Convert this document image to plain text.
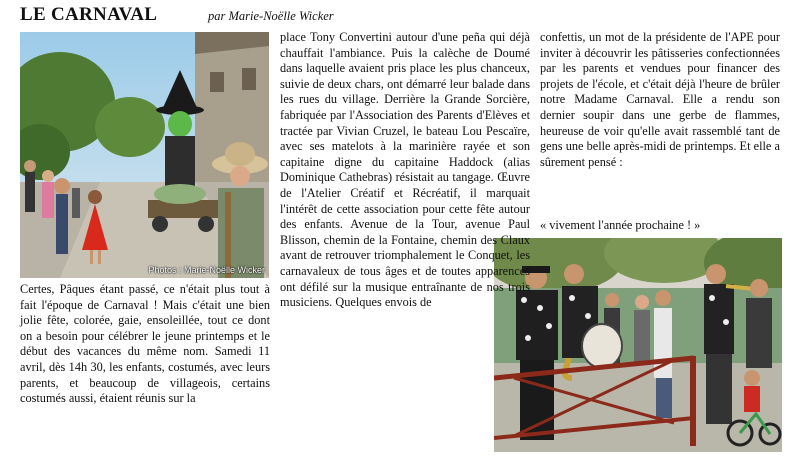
LE CARNAVAL	par Marie-Noëlle Wicker
Photos : Marie-Noëlle Wicker

Certes, Pâques étant passé, ce n'était plus tout à fait l'époque de Carnaval ! Mais c'était une bien jolie fête, colorée, gaie, ensoleillée, tout ce dont on a besoin pour célébrer le jeune printemps et le début des vacances du même nom. Samedi 11 avril, dès 14h 30, les enfants, costumés, avec leurs parents, et beaucoup de villageois, certains costumés aussi, étaient réunis sur la

place Tony Convertini autour d'une peña qui déjà chauffait l'ambiance. Puis la calèche de Doumé dans laquelle avaient pris place les plus chanceux, suivie de deux chars, ont démarré leur balade dans les rues du village. Derrière la Grande Sorcière, fabriquée par l'Association des Parents d'Elèves et tractée par Vivian Cruzel, le bateau Lou Pescaïre, avec ses matelots à la marinière rayée et son capitaine digne du capitaine Haddock (alias Dominique Cathebras) résistait au tangage. Œuvre de l'Atelier Créatif et Récréatif, il marquait l'intérêt de cette association pour cette fête autour des enfants. Avenue de la Tour, avenue Paul Blisson, chemin de la Fontaine, chemin des Claux avant de retrouver triomphalement le Conquet, les carnavaleux de tous âges et de toutes apparences ont défilé sur la musique entraînante de nos trois musiciens. Quelques envois de

confettis, un mot de la présidente de l'APE pour inviter à découvrir les pâtisseries confectionnées par les parents et vendues pour financer des projets de l'école, et c'était déjà l'heure de brûler notre Madame Carnaval. Elle a rendu son dernier soupir dans une gerbe de flammes, heureuse de voir qu'elle avait rassemblé tant de gens une belle après-midi de printemps. Et elle a sûrement pensé :

« vivement l'année prochaine ! »
